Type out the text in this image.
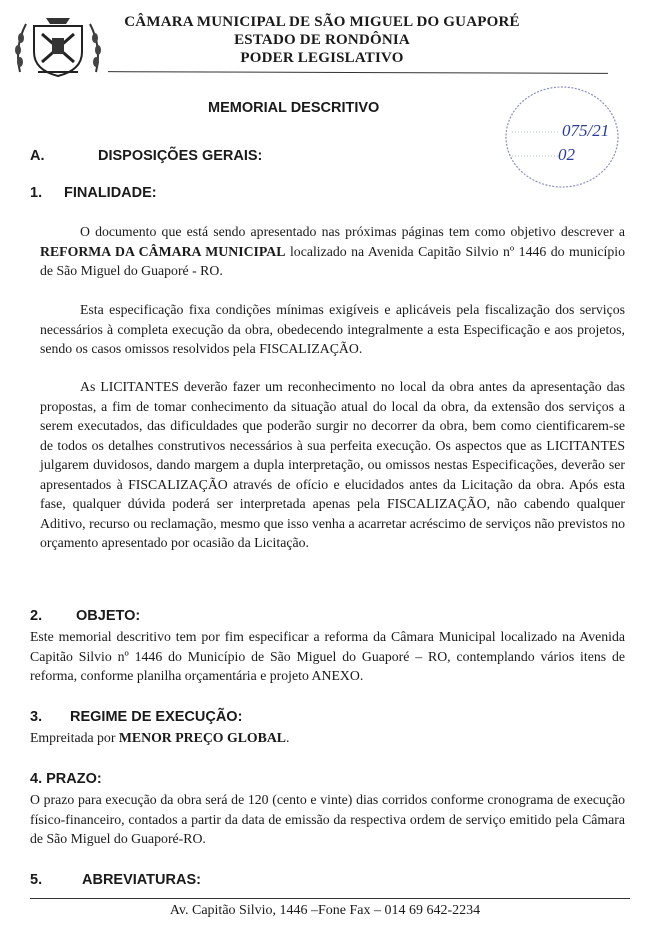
CÂMARA MUNICIPAL DE SÃO MIGUEL DO GUAPORÉ
ESTADO DE RONDÔNIA
PODER LEGISLATIVO
075/21
02
MEMORIAL DESCRITIVO
A.	DISPOSIÇÕES GERAIS:
1. FINALIDADE:

O documento que está sendo apresentado nas próximas páginas tem como objetivo descrever a REFORMA DA CÂMARA MUNICIPAL localizado na Avenida Capitão Silvio nº 1446 do município de São Miguel do Guaporé - RO.

Esta especificação fixa condições mínimas exigíveis e aplicáveis pela fiscalização dos serviços necessários à completa execução da obra, obedecendo integralmente a esta Especificação e aos projetos, sendo os casos omissos resolvidos pela FISCALIZAÇÃO.

As LICITANTES deverão fazer um reconhecimento no local da obra antes da apresentação das propostas, a fim de tomar conhecimento da situação atual do local da obra, da extensão dos serviços a serem executados, das dificuldades que poderão surgir no decorrer da obra, bem como cientificarem-se de todos os detalhes construtivos necessários à sua perfeita execução. Os aspectos que as LICITANTES julgarem duvidosos, dando margem a dupla interpretação, ou omissos nestas Especificações, deverão ser apresentados à FISCALIZAÇÃO através de ofício e elucidados antes da Licitação da obra. Após esta fase, qualquer dúvida poderá ser interpretada apenas pela FISCALIZAÇÃO, não cabendo qualquer Aditivo, recurso ou reclamação, mesmo que isso venha a acarretar acréscimo de serviços não previstos no orçamento apresentado por ocasião da Licitação.

2. OBJETO:

Este memorial descritivo tem por fim especificar a reforma da Câmara Municipal localizado na Avenida Capitão Silvio nº 1446 do Município de São Miguel do Guaporé – RO, contemplando vários itens de reforma, conforme planilha orçamentária e projeto ANEXO.

3. REGIME DE EXECUÇÃO:

Empreitada por MENOR PREÇO GLOBAL.

4. PRAZO:

O prazo para execução da obra será de 120 (cento e vinte) dias corridos conforme cronograma de execução físico-financeiro, contados a partir da data de emissão da respectiva ordem de serviço emitido pela Câmara de São Miguel do Guaporé-RO.

5.	ABREVIATURAS:
Av. Capitão Silvio, 1446 –Fone Fax – 014 69 642-2234
